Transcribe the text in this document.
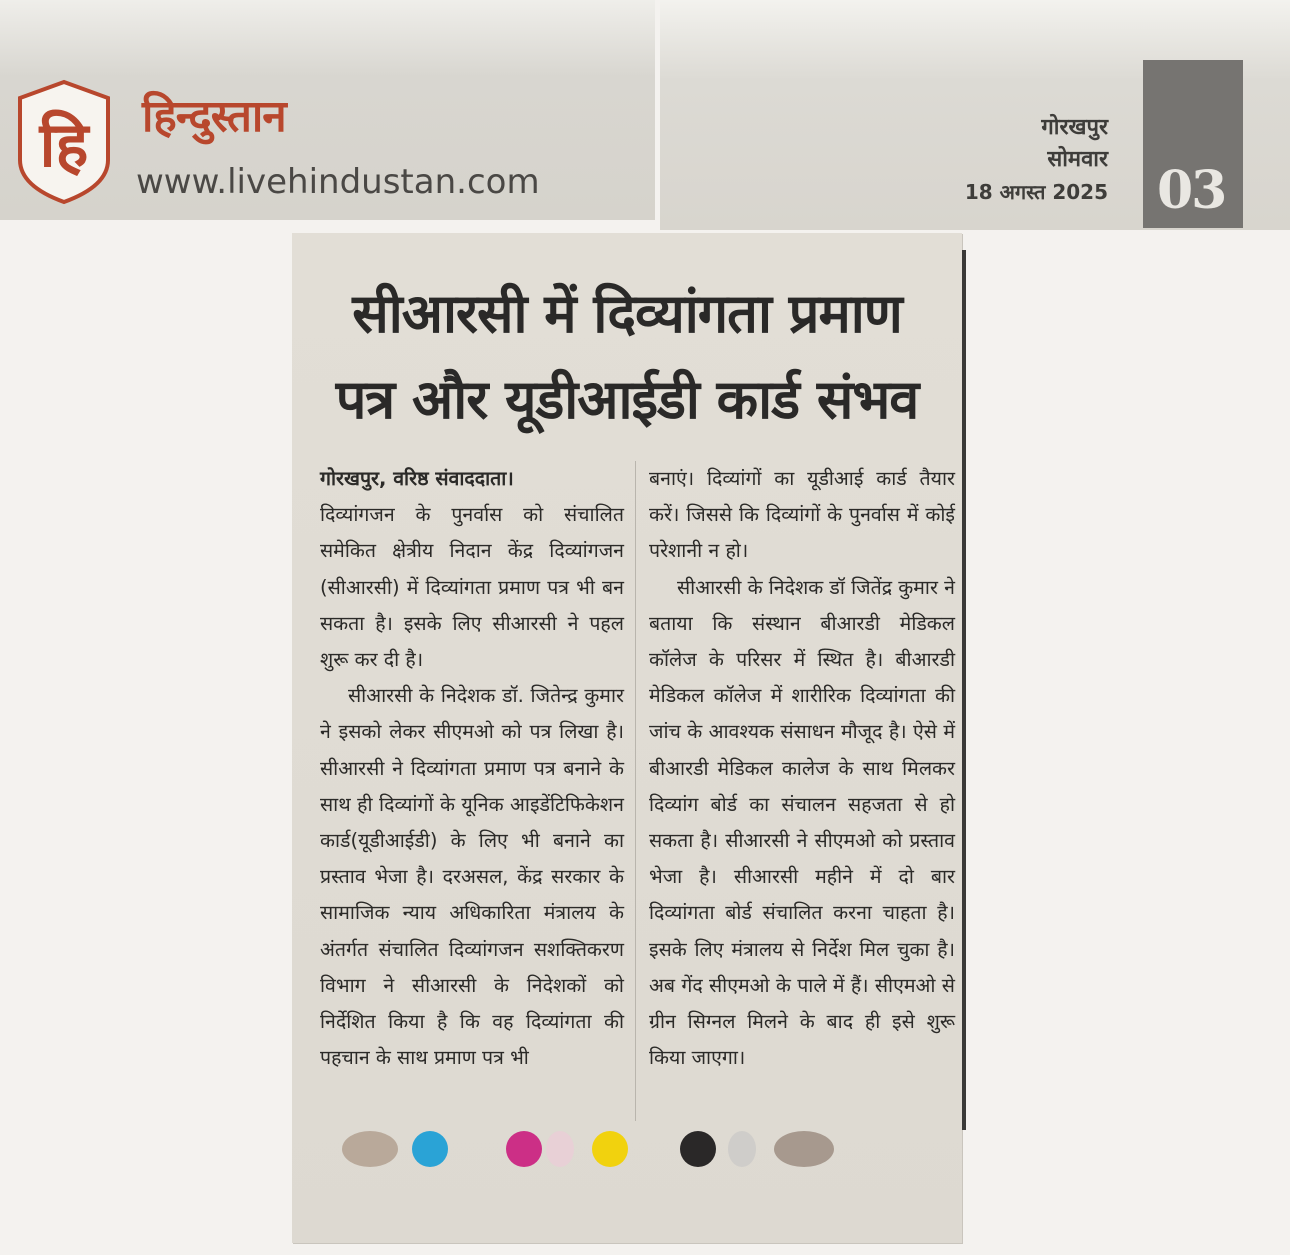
हि हिन्दुस्तान
www.livehindustan.com
गोरखपुर
सोमवार
18 अगस्त 2025 03
सीआरसी में दिव्यांगता प्रमाण
पत्र और यूडीआईडी कार्ड संभव

गोरखपुर, वरिष्ठ संवाददाता।

दिव्यांगजन के पुनर्वास को संचालित समेकित क्षेत्रीय निदान केंद्र दिव्यांगजन (सीआरसी) में दिव्यांगता प्रमाण पत्र भी बन सकता है। इसके लिए सीआरसी ने पहल शुरू कर दी है।

सीआरसी के निदेशक डॉ. जितेन्द्र कुमार ने इसको लेकर सीएमओ को पत्र लिखा है। सीआरसी ने दिव्यांगता प्रमाण पत्र बनाने के साथ ही दिव्यांगों के यूनिक आइडेंटिफिकेशन कार्ड(यूडीआईडी) के लिए भी बनाने का प्रस्ताव भेजा है। दरअसल, केंद्र सरकार के सामाजिक न्याय अधिकारिता मंत्रालय के अंतर्गत संचालित दिव्यांगजन सशक्तिकरण विभाग ने सीआरसी के निदेशकों को निर्देशित किया है कि वह दिव्यांगता की पहचान के साथ प्रमाण पत्र भी

बनाएं। दिव्यांगों का यूडीआई कार्ड तैयार करें। जिससे कि दिव्यांगों के पुनर्वास में कोई परेशानी न हो।

सीआरसी के निदेशक डॉ जितेंद्र कुमार ने बताया कि संस्थान बीआरडी मेडिकल कॉलेज के परिसर में स्थित है। बीआरडी मेडिकल कॉलेज में शारीरिक दिव्यांगता की जांच के आवश्यक संसाधन मौजूद है। ऐसे में बीआरडी मेडिकल कालेज के साथ मिलकर दिव्यांग बोर्ड का संचालन सहजता से हो सकता है। सीआरसी ने सीएमओ को प्रस्ताव भेजा है। सीआरसी महीने में दो बार दिव्यांगता बोर्ड संचालित करना चाहता है। इसके लिए मंत्रालय से निर्देश मिल चुका है। अब गेंद सीएमओ के पाले में हैं। सीएमओ से ग्रीन सिग्नल मिलने के बाद ही इसे शुरू किया जाएगा।
